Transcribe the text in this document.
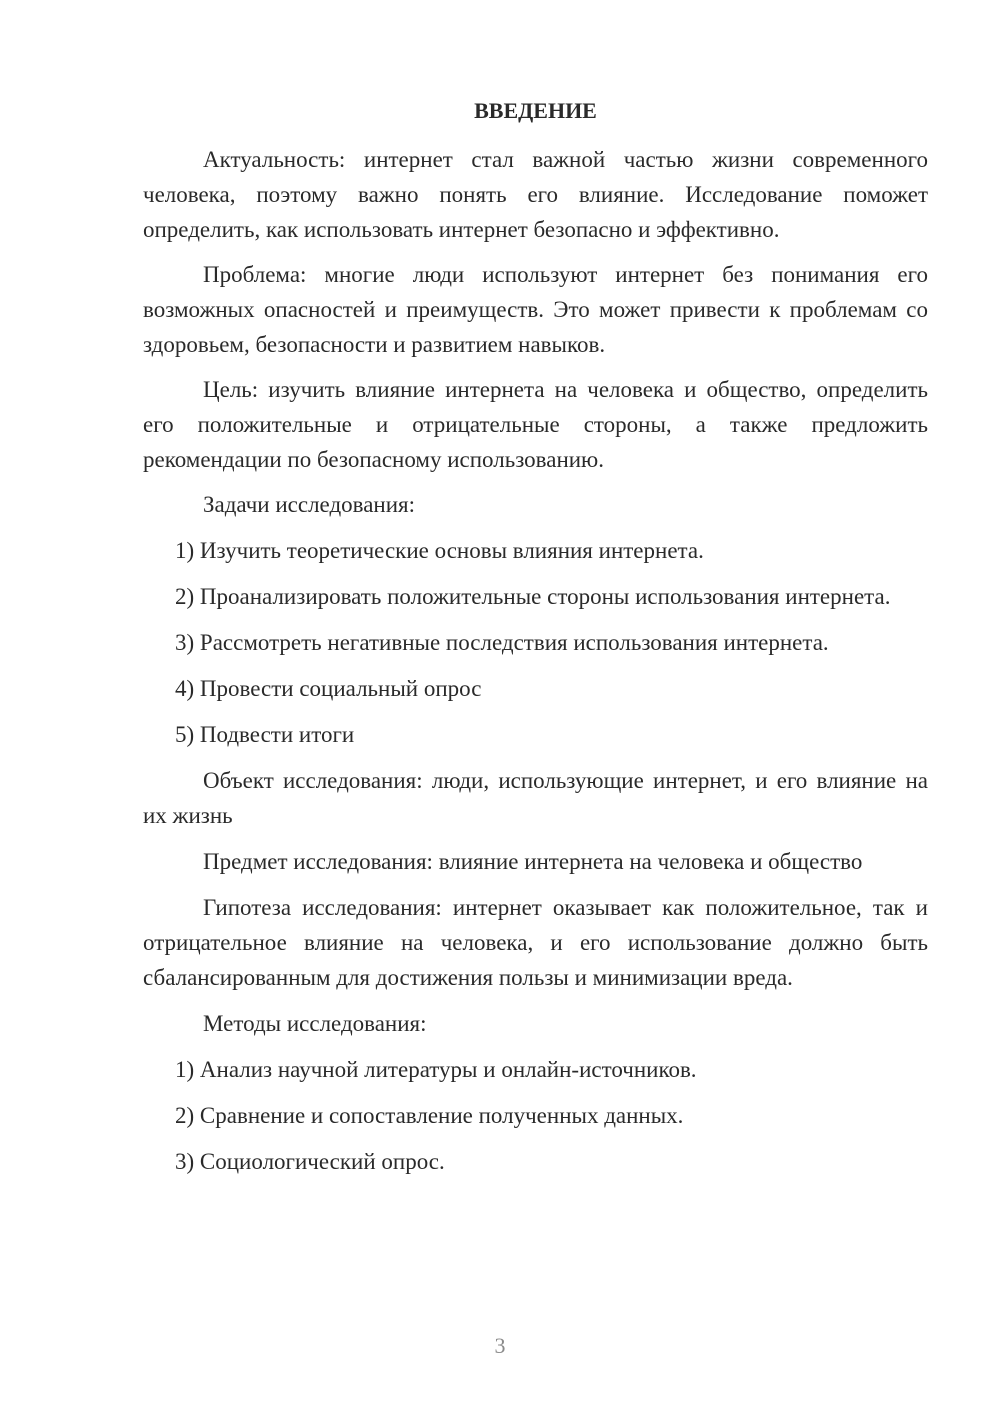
ВВЕДЕНИЕ

Актуальность: интернет стал важной частью жизни современного человека, поэтому важно понять его влияние. Исследование поможет определить, как использовать интернет безопасно и эффективно.

Проблема: многие люди используют интернет без понимания его возможных опасностей и преимуществ. Это может привести к проблемам со здоровьем, безопасности и развитием навыков.

Цель: изучить влияние интернета на человека и общество, определить его положительные и отрицательные стороны, а также предложить рекомендации по безопасному использованию.

Задачи исследования:

1) Изучить теоретические основы влияния интернета.

2) Проанализировать положительные стороны использования интернета.

3) Рассмотреть негативные последствия использования интернета.

4) Провести социальный опрос

5) Подвести итоги

Объект исследования: люди, использующие интернет, и его влияние на их жизнь

Предмет исследования: влияние интернета на человека и общество

Гипотеза исследования: интернет оказывает как положительное, так и отрицательное влияние на человека, и его использование должно быть сбалансированным для достижения пользы и минимизации вреда.

Методы исследования:

1) Анализ научной литературы и онлайн-источников.

2) Сравнение и сопоставление полученных данных.

3) Социологический опрос.

3
